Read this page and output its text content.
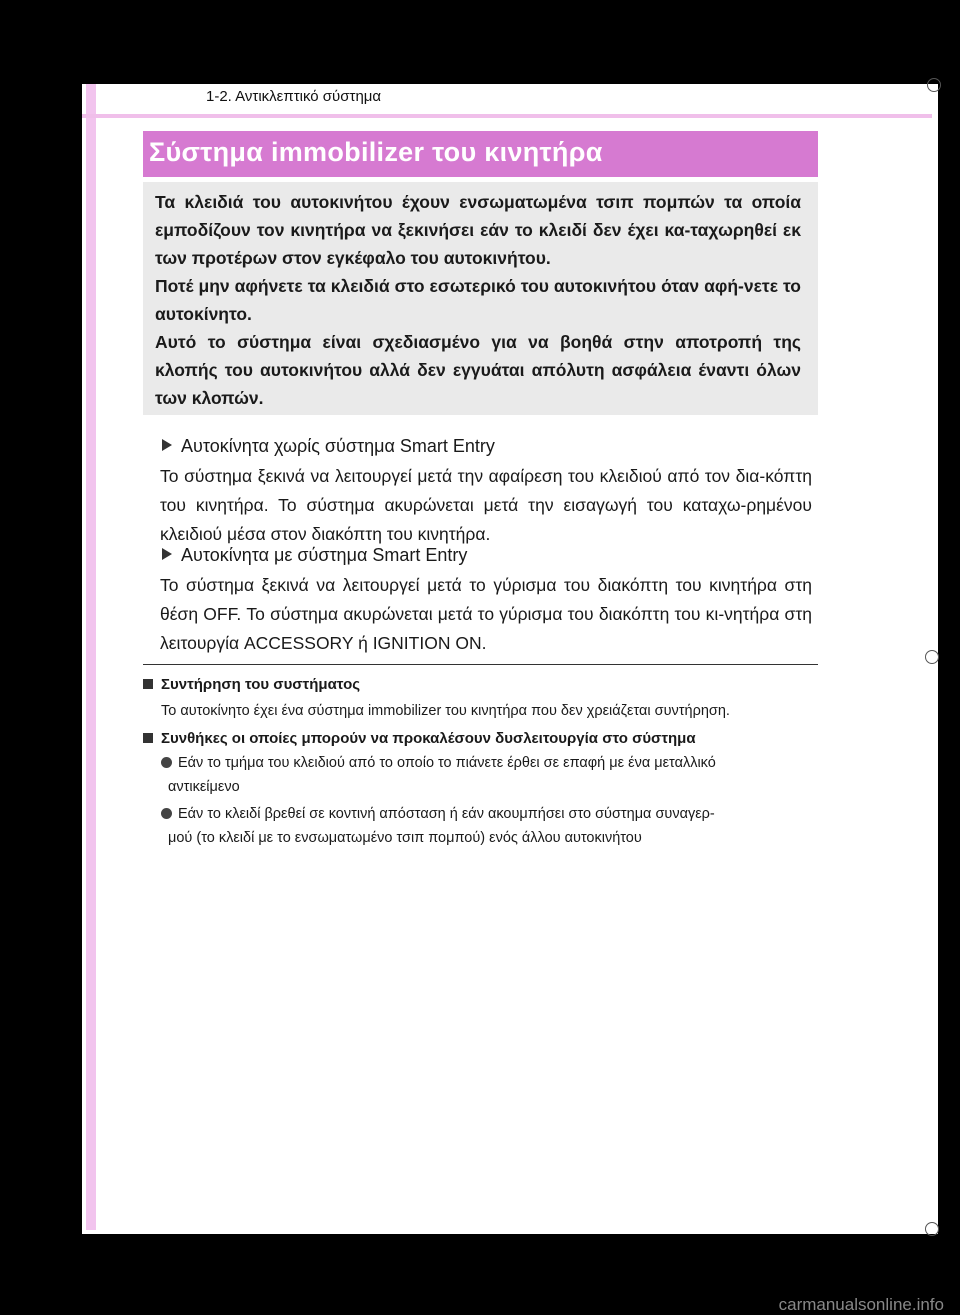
1-2. Αντικλεπτικό σύστημα
Σύστημα immobilizer του κινητήρα

Τα κλειδιά του αυτοκινήτου έχουν ενσωματωμένα τσιπ πομπών τα οποία εμποδίζουν τον κινητήρα να ξεκινήσει εάν το κλειδί δεν έχει κα-ταχωρηθεί εκ των προτέρων στον εγκέφαλο του αυτοκινήτου.

Ποτέ μην αφήνετε τα κλειδιά στο εσωτερικό του αυτοκινήτου όταν αφή-νετε το αυτοκίνητο.

Αυτό το σύστημα είναι σχεδιασμένο για να βοηθά στην αποτροπή της κλοπής του αυτοκινήτου αλλά δεν εγγυάται απόλυτη ασφάλεια έναντι όλων των κλοπών.

Αυτοκίνητα χωρίς σύστημα Smart Entry

Το σύστημα ξεκινά να λειτουργεί μετά την αφαίρεση του κλειδιού από τον δια-κόπτη του κινητήρα. Το σύστημα ακυρώνεται μετά την εισαγωγή του καταχω-ρημένου κλειδιού μέσα στον διακόπτη του κινητήρα.

Αυτοκίνητα με σύστημα Smart Entry

Το σύστημα ξεκινά να λειτουργεί μετά το γύρισμα του διακόπτη του κινητήρα στη θέση OFF. Το σύστημα ακυρώνεται μετά το γύρισμα του διακόπτη του κι-νητήρα στη λειτουργία ACCESSORY ή IGNITION ON.

Συντήρηση του συστήματος

Το αυτοκίνητο έχει ένα σύστημα immobilizer του κινητήρα που δεν χρειάζεται συντήρηση.

Συνθήκες οι οποίες μπορούν να προκαλέσουν δυσλειτουργία στο σύστημα

Εάν το τμήμα του κλειδιού από το οποίο το πιάνετε έρθει σε επαφή με ένα μεταλλικό
αντικείμενο

Εάν το κλειδί βρεθεί σε κοντινή απόσταση ή εάν ακουμπήσει στο σύστημα συναγερ-
μού (το κλειδί με το ενσωματωμένο τσιπ πομπού) ενός άλλου αυτοκινήτου

carmanualsonline.info
